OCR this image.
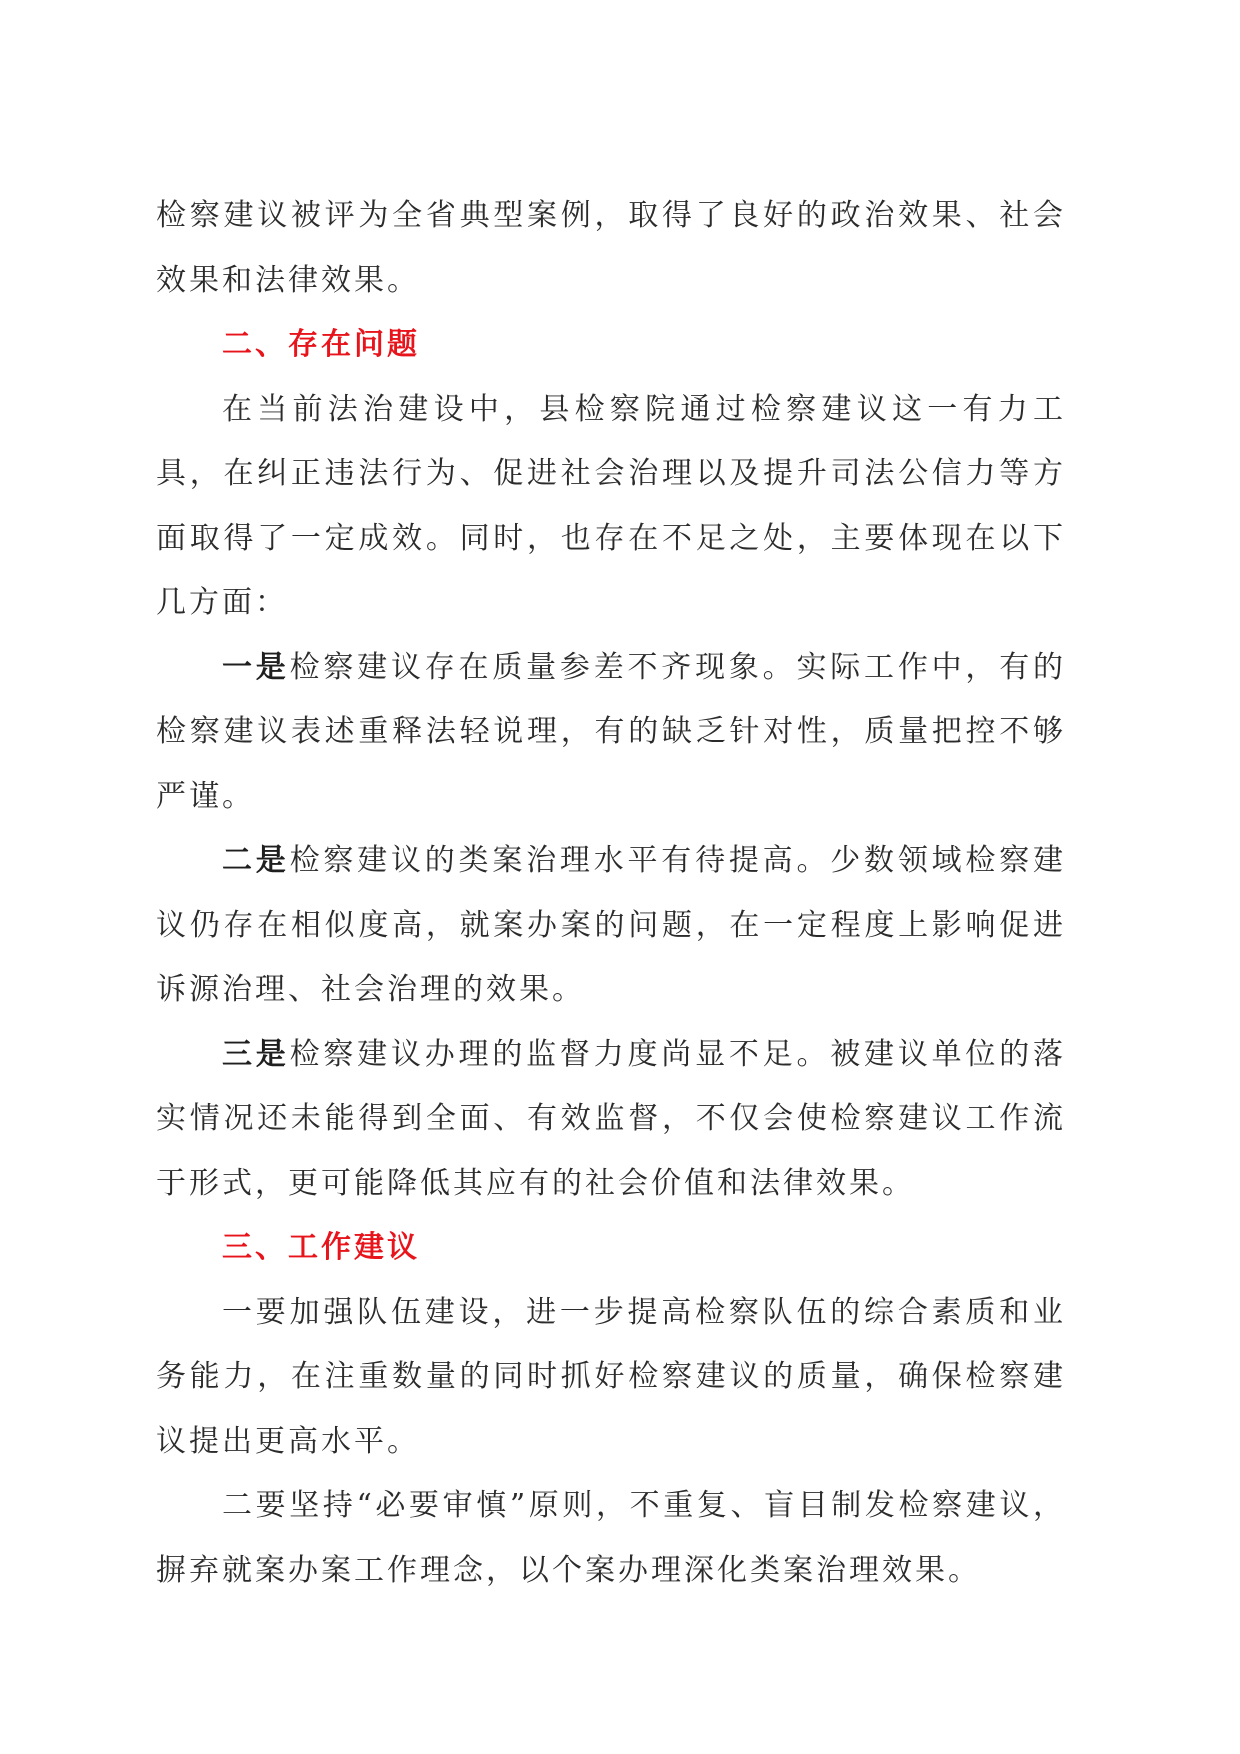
检察建议被评为全省典型案例，取得了良好的政治效果、社会效果和法律效果。

二、存在问题

在当前法治建设中，县检察院通过检察建议这一有力工具，在纠正违法行为、促进社会治理以及提升司法公信力等方面取得了一定成效。同时，也存在不足之处，主要体现在以下几方面：

一是检察建议存在质量参差不齐现象。实际工作中，有的检察建议表述重释法轻说理，有的缺乏针对性，质量把控不够严谨。

二是检察建议的类案治理水平有待提高。少数领域检察建议仍存在相似度高，就案办案的问题，在一定程度上影响促进诉源治理、社会治理的效果。

三是检察建议办理的监督力度尚显不足。被建议单位的落实情况还未能得到全面、有效监督，不仅会使检察建议工作流于形式，更可能降低其应有的社会价值和法律效果。

三、工作建议

一要加强队伍建设，进一步提高检察队伍的综合素质和业务能力，在注重数量的同时抓好检察建议的质量，确保检察建议提出更高水平。

二要坚持“必要审慎”原则，不重复、盲目制发检察建议，摒弃就案办案工作理念，以个案办理深化类案治理效果。
